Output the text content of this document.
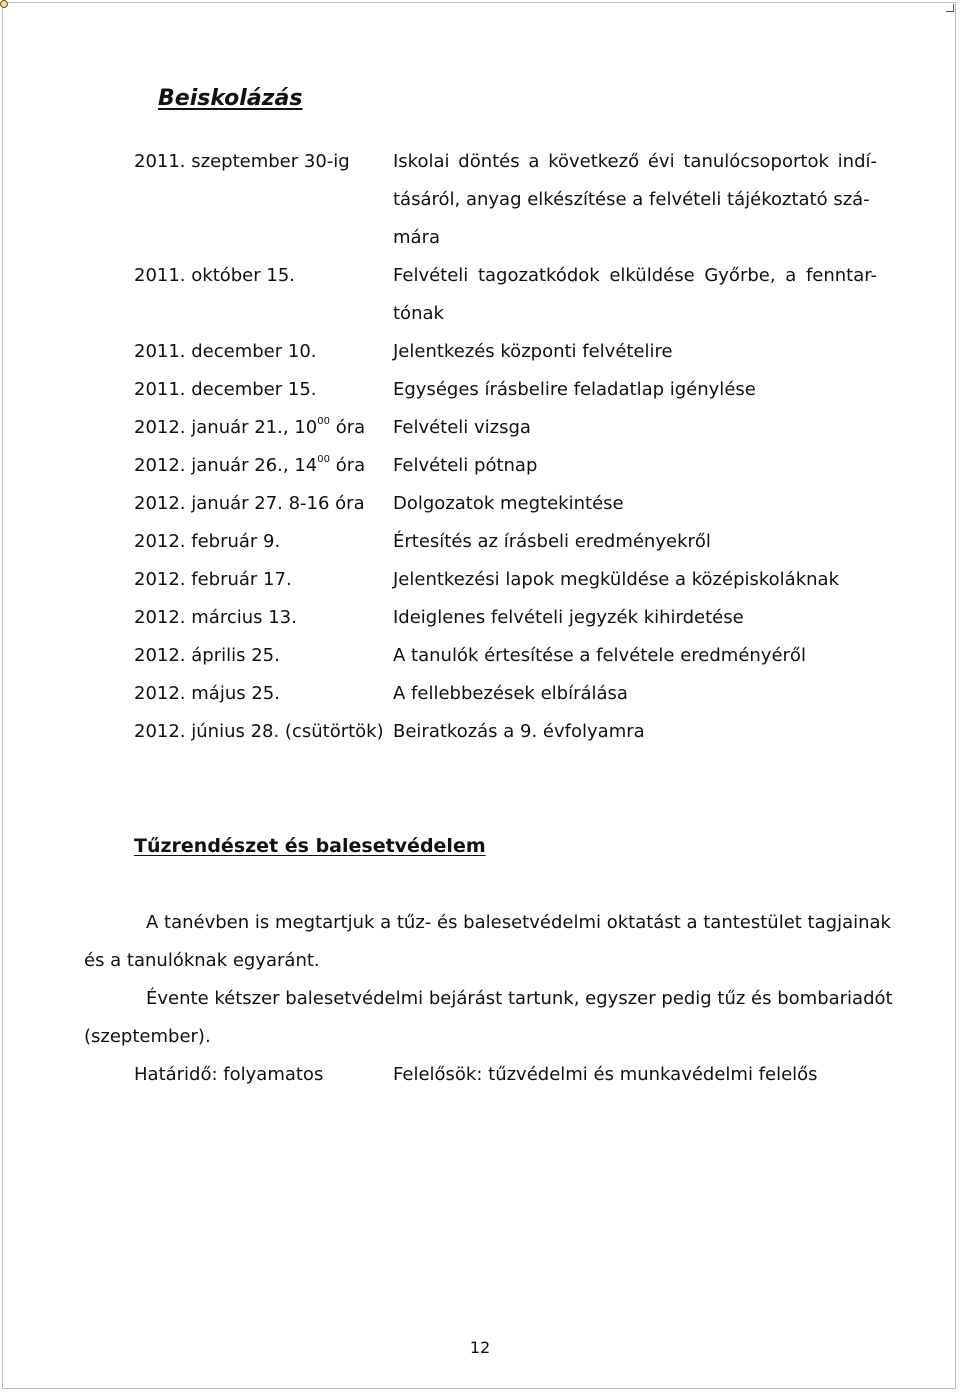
Beiskolázás
2011. szeptember 30-ig Iskolai döntés a következő évi tanulócsoportok indí-
tásáról, anyag elkészítése a felvételi tájékoztató szá-
mára
2011. október 15.	Felvételi tagozatkódok elküldése Győrbe, a fenntar-
tónak
2011. december 10.	Jelentkezés központi felvételire
2011. december 15.	Egységes írásbelire feladatlap igénylése
2012. január 21., $10^{00}$ óra Felvételi vizsga
2012. január 26., $14^{00}$ óra Felvételi pótnap
2012. január 27. 8-16 óra Dolgozatok megtekintése
2012. február 9.	Értesítés az írásbeli eredményekről
2012. február 17.	Jelentkezési lapok megküldése a középiskoláknak
2012. március 13.	Ideiglenes felvételi jegyzék kihirdetése
2012. április 25.	A tanulók értesítése a felvétele eredményéről
2012. május 25.	A fellebbezések elbírálása
2012. június 28. (csütörtök) Beiratkozás a 9. évfolyamra
Tűzrendészet és balesetvédelem
A tanévben is megtartjuk a tűz- és balesetvédelmi oktatást a tantestület tagjainak
és a tanulóknak egyaránt.
Évente kétszer balesetvédelmi bejárást tartunk, egyszer pedig tűz és bombariadót
(szeptember).
Határidő: folyamatos	Felelősök: tűzvédelmi és munkavédelmi felelős
12
